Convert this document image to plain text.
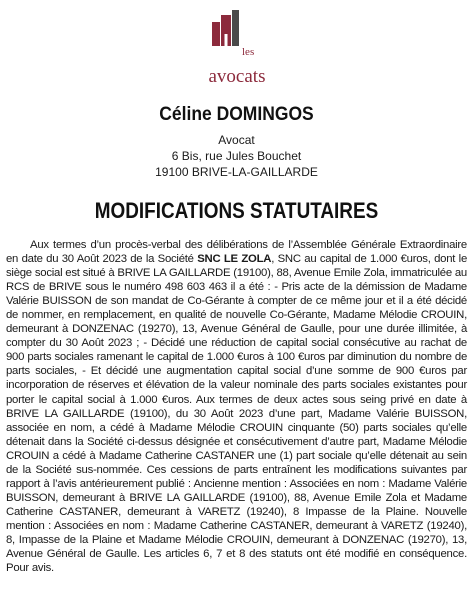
les
avocats
Céline DOMINGOS
Avocat
6 Bis, rue Jules Bouchet
19100 BRIVE-LA-GAILLARDE
MODIFICATIONS STATUTAIRES

Aux termes d’un procès-verbal des délibérations de l’Assemblée Générale Extraordinaire en date du 30 Août 2023 de la Société SNC LE ZOLA, SNC au capital de 1.000 €uros, dont le siège social est situé à BRIVE LA GAILLARDE (19100), 88, Avenue Emile Zola, immatriculée au RCS de BRIVE sous le numéro 498 603 463 il a été : - Pris acte de la démission de Madame Valérie BUISSON de son mandat de Co-Gérante à compter de ce même jour et il a été décidé de nommer, en remplacement, en qualité de nouvelle Co-Gérante, Madame Mélodie CROUIN, demeurant à DONZENAC (19270), 13, Avenue Général de Gaulle, pour une durée illimitée, à compter du 30 Août 2023 ; - Décidé une réduction de capital social consécutive au rachat de 900 parts sociales ramenant le capital de 1.000 €uros à 100 €uros par diminution du nombre de parts sociales, - Et décidé une augmentation capital social d’une somme de 900 €uros par incorporation de réserves et élévation de la valeur nominale des parts sociales existantes pour porter le capital social à 1.000 €uros. Aux termes de deux actes sous seing privé en date à BRIVE LA GAILLARDE (19100), du 30 Août 2023 d’une part, Madame Valérie BUISSON, associée en nom, a cédé à Madame Mélodie CROUIN cinquante (50) parts sociales qu’elle détenait dans la Société ci-dessus désignée et consécutivement d’autre part, Madame Mélodie CROUIN a cédé à Madame Catherine CASTANER une (1) part sociale qu’elle détenait au sein de la Société sus-nommée. Ces cessions de parts entraînent les modifications suivantes par rapport à l’avis antérieurement publié : Ancienne mention : Associées en nom : Madame Valérie BUISSON, demeurant à BRIVE LA GAILLARDE (19100), 88, Avenue Emile Zola et Madame Catherine CASTANER, demeurant à VARETZ (19240), 8 Impasse de la Plaine. Nouvelle mention : Associées en nom : Madame Catherine CASTANER, demeurant à VARETZ (19240), 8, Impasse de la Plaine et Madame Mélodie CROUIN, demeurant à DONZENAC (19270), 13, Avenue Général de Gaulle. Les articles 6, 7 et 8 des statuts ont été modifié en conséquence. Pour avis.
